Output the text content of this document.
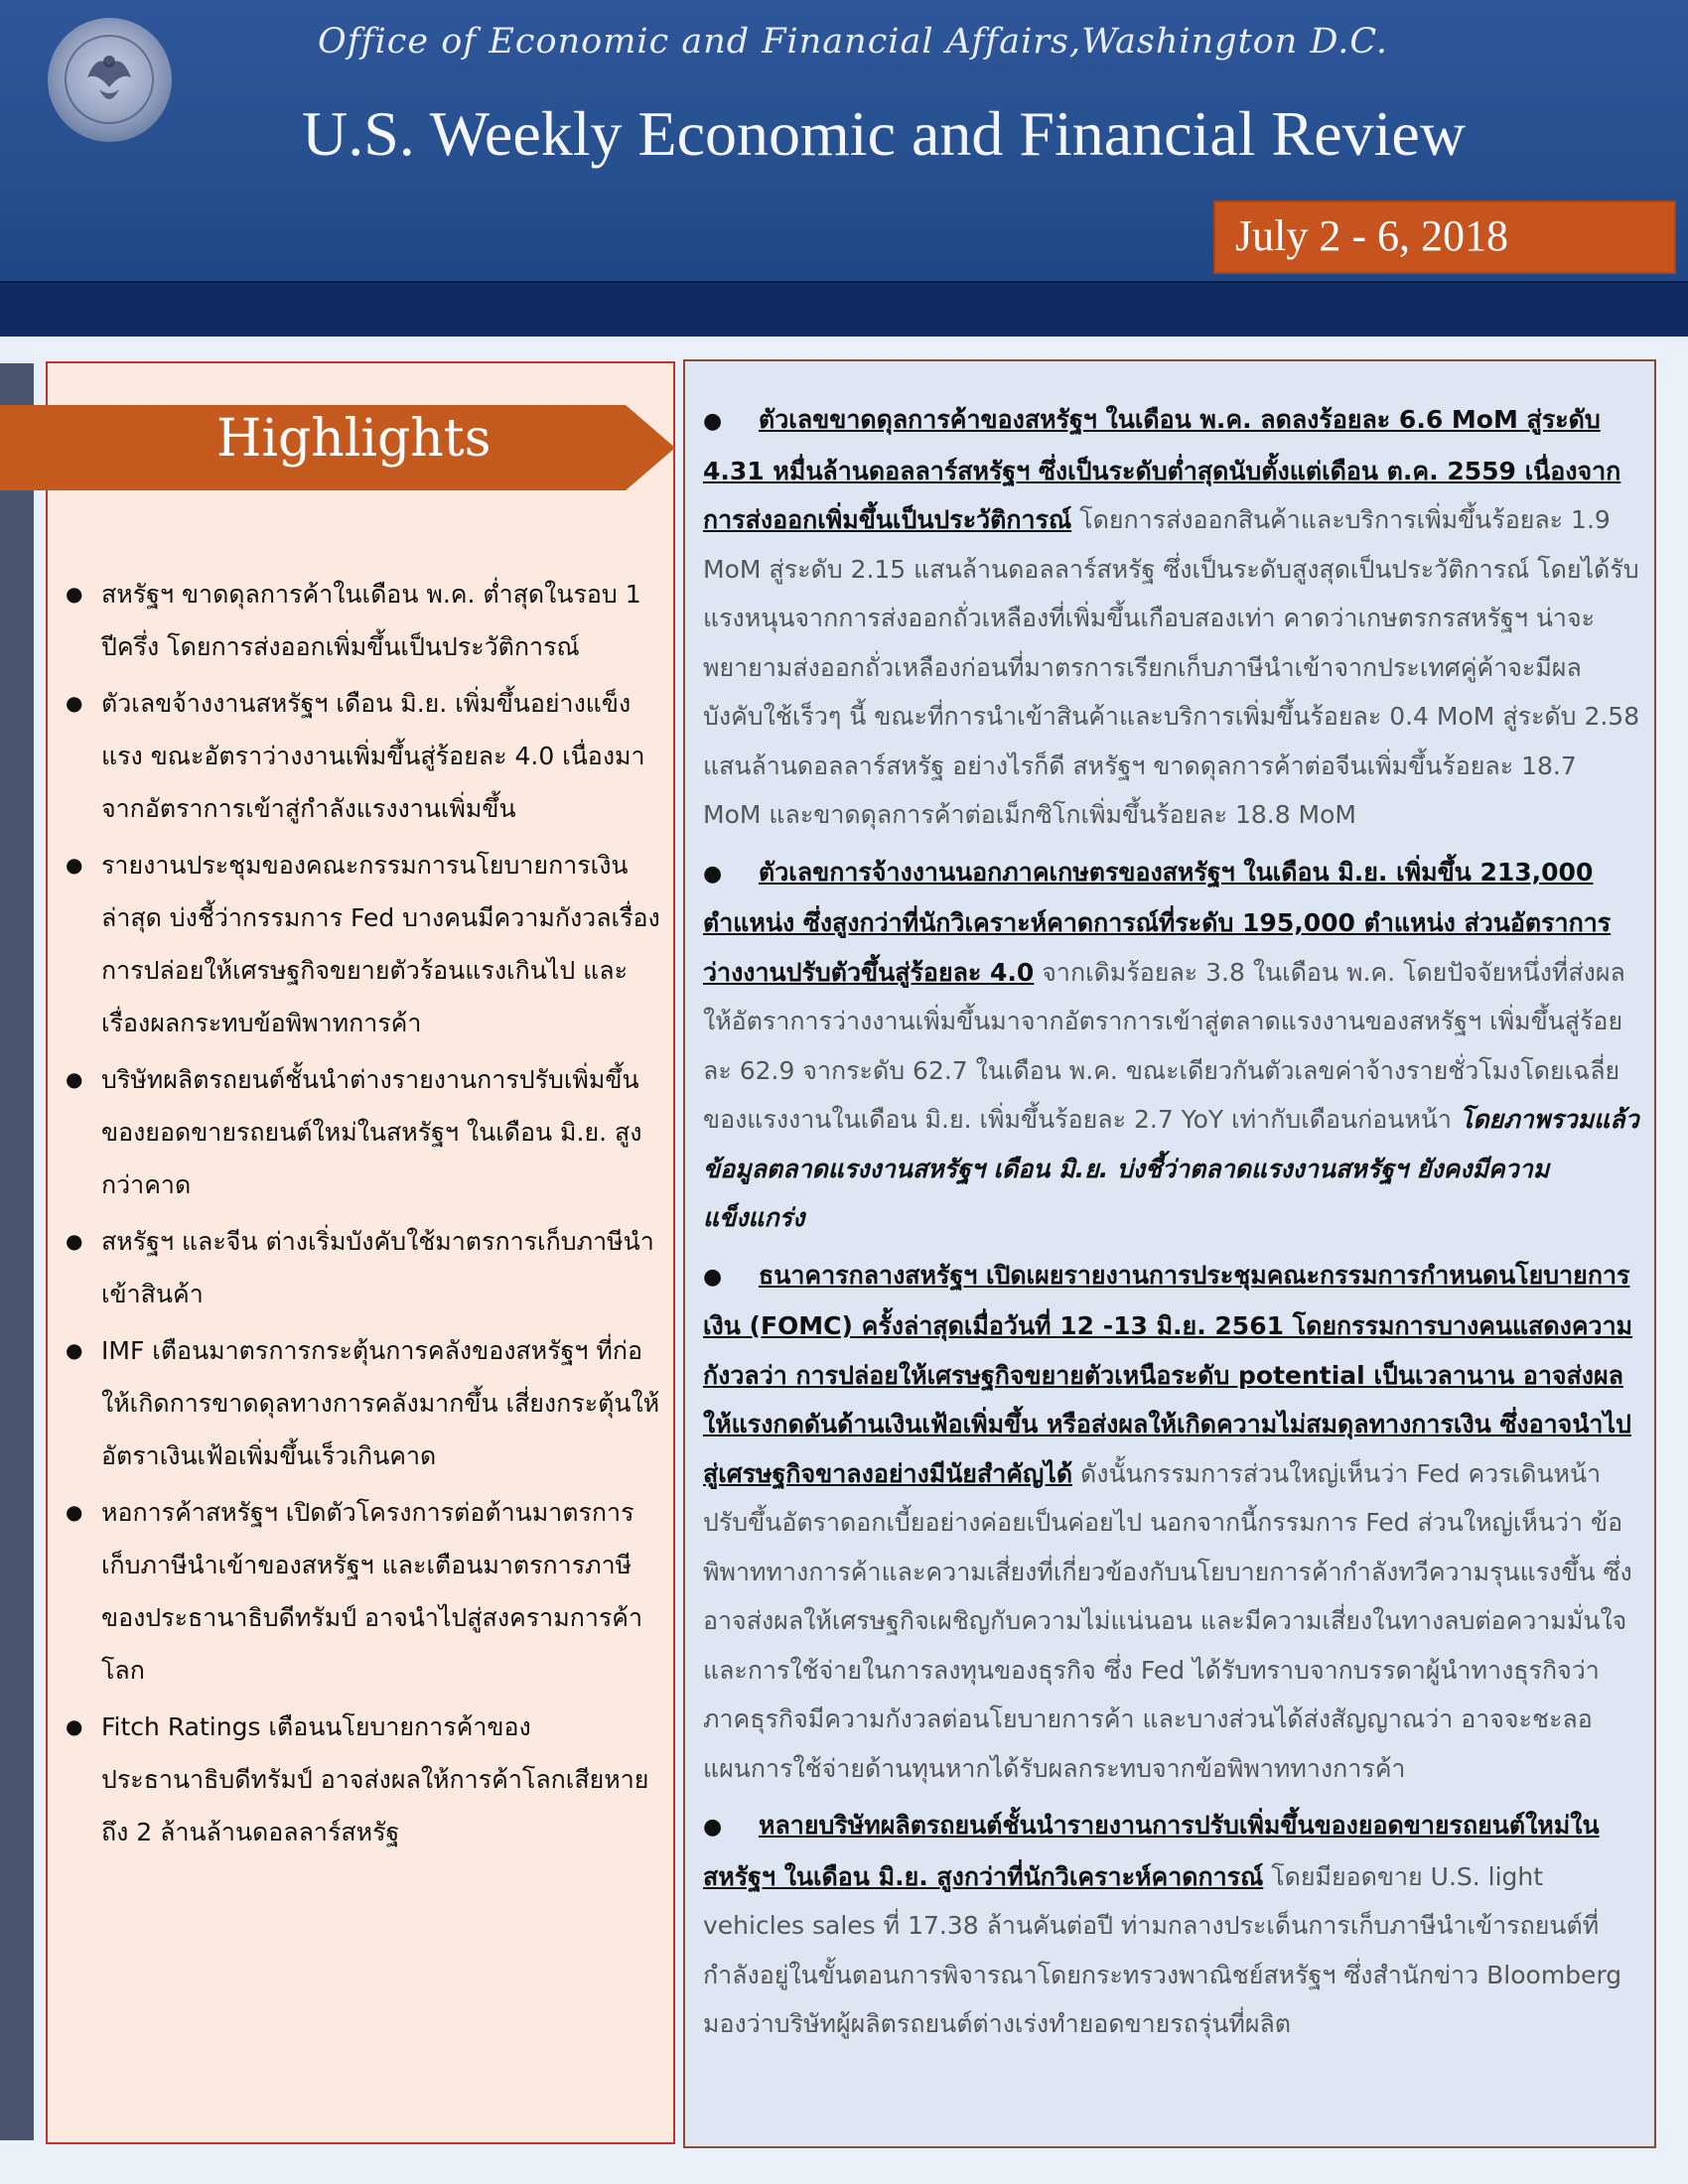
Office of Economic and Financial Affairs,Washington D.C.
U.S. Weekly Economic and Financial Review
July 2 - 6, 2018
Highlights
● สหรัฐฯ ขาดดุลการค้าในเดือน พ.ค. ต่ำสุดในรอบ 1 ปีครึ่ง โดยการส่งออกเพิ่มขึ้นเป็นประวัติการณ์
● ตัวเลขจ้างงานสหรัฐฯ เดือน มิ.ย. เพิ่มขึ้นอย่างแข็งแรง ขณะอัตราว่างงานเพิ่มขึ้นสู่ร้อยละ 4.0 เนื่องมาจากอัตราการเข้าสู่กำลังแรงงานเพิ่มขึ้น
● รายงานประชุมของคณะกรรมการนโยบายการเงินล่าสุด บ่งชี้ว่ากรรมการ Fed บางคนมีความกังวลเรื่องการปล่อยให้เศรษฐกิจขยายตัวร้อนแรงเกินไป และเรื่องผลกระทบข้อพิพาทการค้า
● บริษัทผลิตรถยนต์ชั้นนำต่างรายงานการปรับเพิ่มขึ้นของยอดขายรถยนต์ใหม่ในสหรัฐฯ ในเดือน มิ.ย. สูงกว่าคาด
● สหรัฐฯ และจีน ต่างเริ่มบังคับใช้มาตรการเก็บภาษีนำเข้าสินค้า
● IMF เตือนมาตรการกระตุ้นการคลังของสหรัฐฯ ที่ก่อให้เกิดการขาดดุลทางการคลังมากขึ้น เสี่ยงกระตุ้นให้อัตราเงินเฟ้อเพิ่มขึ้นเร็วเกินคาด
● หอการค้าสหรัฐฯ เปิดตัวโครงการต่อต้านมาตรการเก็บภาษีนำเข้าของสหรัฐฯ และเตือนมาตรการภาษีของประธานาธิบดีทรัมป์ อาจนำไปสู่สงครามการค้าโลก
● Fitch Ratings เตือนนโยบายการค้าของประธานาธิบดีทรัมป์ อาจส่งผลให้การค้าโลกเสียหายถึง 2 ล้านล้านดอลลาร์สหรัฐ

● ตัวเลขขาดดุลการค้าของสหรัฐฯ ในเดือน พ.ค. ลดลงร้อยละ 6.6 MoM สู่ระดับ 4.31 หมื่นล้านดอลลาร์สหรัฐฯ ซึ่งเป็นระดับต่ำสุดนับตั้งแต่เดือน ต.ค. 2559 เนื่องจากการส่งออกเพิ่มขึ้นเป็นประวัติการณ์ โดยการส่งออกสินค้าและบริการเพิ่มขึ้นร้อยละ 1.9 MoM สู่ระดับ 2.15 แสนล้านดอลลาร์สหรัฐ ซึ่งเป็นระดับสูงสุดเป็นประวัติการณ์ โดยได้รับแรงหนุนจากการส่งออกถั่วเหลืองที่เพิ่มขึ้นเกือบสองเท่า คาดว่าเกษตรกรสหรัฐฯ น่าจะพยายามส่งออกถั่วเหลืองก่อนที่มาตรการเรียกเก็บภาษีนำเข้าจากประเทศคู่ค้าจะมีผลบังคับใช้เร็วๆ นี้ ขณะที่การนำเข้าสินค้าและบริการเพิ่มขึ้นร้อยละ 0.4 MoM สู่ระดับ 2.58 แสนล้านดอลลาร์สหรัฐ อย่างไรก็ดี สหรัฐฯ ขาดดุลการค้าต่อจีนเพิ่มขึ้นร้อยละ 18.7 MoM และขาดดุลการค้าต่อเม็กซิโกเพิ่มขึ้นร้อยละ 18.8 MoM

● ตัวเลขการจ้างงานนอกภาคเกษตรของสหรัฐฯ ในเดือน มิ.ย. เพิ่มขึ้น 213,000 ตำแหน่ง ซึ่งสูงกว่าที่นักวิเคราะห์คาดการณ์ที่ระดับ 195,000 ตำแหน่ง ส่วนอัตราการว่างงานปรับตัวขึ้นสู่ร้อยละ 4.0 จากเดิมร้อยละ 3.8 ในเดือน พ.ค. โดยปัจจัยหนึ่งที่ส่งผลให้อัตราการว่างงานเพิ่มขึ้นมาจากอัตราการเข้าสู่ตลาดแรงงานของสหรัฐฯ เพิ่มขึ้นสู่ร้อยละ 62.9 จากระดับ 62.7 ในเดือน พ.ค. ขณะเดียวกันตัวเลขค่าจ้างรายชั่วโมงโดยเฉลี่ยของแรงงานในเดือน มิ.ย. เพิ่มขึ้นร้อยละ 2.7 YoY เท่ากับเดือนก่อนหน้า โดยภาพรวมแล้วข้อมูลตลาดแรงงานสหรัฐฯ เดือน มิ.ย. บ่งชี้ว่าตลาดแรงงานสหรัฐฯ ยังคงมีความแข็งแกร่ง

● ธนาคารกลางสหรัฐฯ เปิดเผยรายงานการประชุมคณะกรรมการกำหนดนโยบายการเงิน (FOMC) ครั้งล่าสุดเมื่อวันที่ 12 -13 มิ.ย. 2561 โดยกรรมการบางคนแสดงความกังวลว่า การปล่อยให้เศรษฐกิจขยายตัวเหนือระดับ potential เป็นเวลานาน อาจส่งผลให้แรงกดดันด้านเงินเฟ้อเพิ่มขึ้น หรือส่งผลให้เกิดความไม่สมดุลทางการเงิน ซึ่งอาจนำไปสู่เศรษฐกิจขาลงอย่างมีนัยสำคัญได้ ดังนั้นกรรมการส่วนใหญ่เห็นว่า Fed ควรเดินหน้าปรับขึ้นอัตราดอกเบี้ยอย่างค่อยเป็นค่อยไป นอกจากนี้กรรมการ Fed ส่วนใหญ่เห็นว่า ข้อพิพาททางการค้าและความเสี่ยงที่เกี่ยวข้องกับนโยบายการค้ากำลังทวีความรุนแรงขึ้น ซึ่งอาจส่งผลให้เศรษฐกิจเผชิญกับความไม่แน่นอน และมีความเสี่ยงในทางลบต่อความมั่นใจและการใช้จ่ายในการลงทุนของธุรกิจ ซึ่ง Fed ได้รับทราบจากบรรดาผู้นำทางธุรกิจว่า ภาคธุรกิจมีความกังวลต่อนโยบายการค้า และบางส่วนได้ส่งสัญญาณว่า อาจจะชะลอแผนการใช้จ่ายด้านทุนหากได้รับผลกระทบจากข้อพิพาททางการค้า

● หลายบริษัทผลิตรถยนต์ชั้นนำรายงานการปรับเพิ่มขึ้นของยอดขายรถยนต์ใหม่ในสหรัฐฯ ในเดือน มิ.ย. สูงกว่าที่นักวิเคราะห์คาดการณ์ โดยมียอดขาย U.S. light vehicles sales ที่ 17.38 ล้านคันต่อปี ท่ามกลางประเด็นการเก็บภาษีนำเข้ารถยนต์ที่กำลังอยู่ในขั้นตอนการพิจารณาโดยกระทรวงพาณิชย์สหรัฐฯ ซึ่งสำนักข่าว Bloomberg มองว่าบริษัทผู้ผลิตรถยนต์ต่างเร่งทำยอดขายรถรุ่นที่ผลิต
